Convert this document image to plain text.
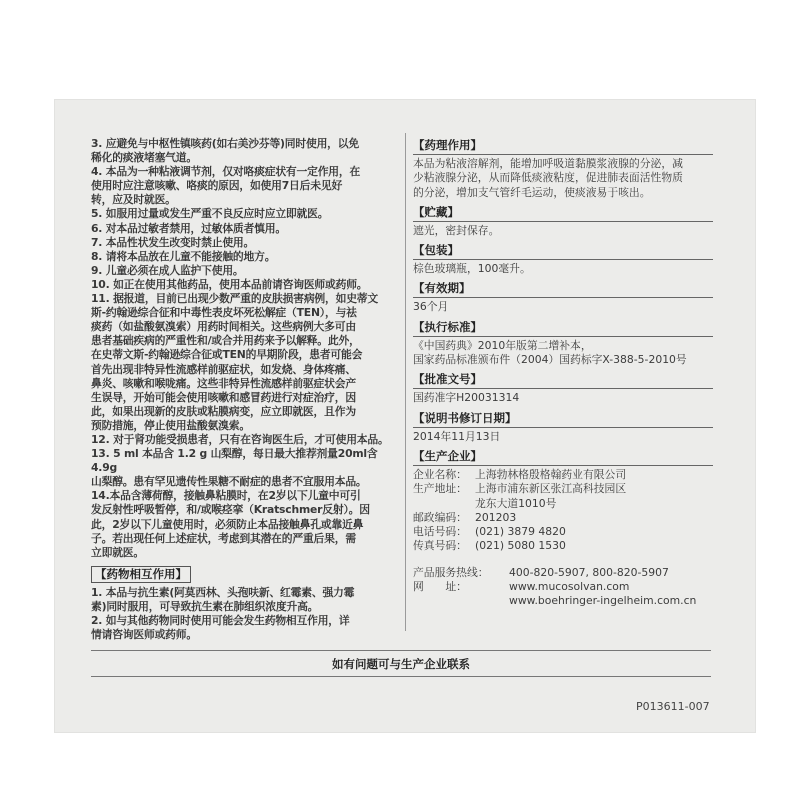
3. 应避免与中枢性镇咳药(如右美沙芬等)同时使用，以免

稀化的痰液堵塞气道。

4. 本品为一种粘液调节剂，仅对咯痰症状有一定作用，在

使用时应注意咳嗽、咯痰的原因，如使用7日后未见好

转，应及时就医。

5. 如服用过量或发生严重不良反应时应立即就医。

6. 对本品过敏者禁用，过敏体质者慎用。

7. 本品性状发生改变时禁止使用。

8. 请将本品放在儿童不能接触的地方。

9. 儿童必须在成人监护下使用。

10. 如正在使用其他药品，使用本品前请咨询医师或药师。

11. 据报道，目前已出现少数严重的皮肤损害病例，如史蒂文

斯-约翰逊综合征和中毒性表皮坏死松解症（TEN），与祛

痰药（如盐酸氨溴索）用药时间相关。这些病例大多可由

患者基础疾病的严重性和/或合并用药来予以解释。此外，

在史蒂文斯-约翰逊综合征或TEN的早期阶段，患者可能会

首先出现非特异性流感样前驱症状，如发烧、身体疼痛、

鼻炎、咳嗽和喉咙痛。这些非特异性流感样前驱症状会产

生误导，开始可能会使用咳嗽和感冒药进行对症治疗，因

此，如果出现新的皮肤或粘膜病变，应立即就医，且作为

预防措施，停止使用盐酸氨溴索。

12. 对于肾功能受损患者，只有在咨询医生后，才可使用本品。

13. 5 ml 本品含 1.2 g 山梨醇，每日最大推荐剂量20ml含4.9g

山梨醇。患有罕见遗传性果糖不耐症的患者不宜服用本品。

14.本品含薄荷醇，接触鼻粘膜时，在2岁以下儿童中可引

发反射性呼吸暂停，和/或喉痉挛（Kratschmer反射）。因

此，2岁以下儿童使用时，必须防止本品接触鼻孔或靠近鼻

子。若出现任何上述症状，考虑到其潜在的严重后果，需

立即就医。

【药物相互作用】

1. 本品与抗生素(阿莫西林、头孢呋新、红霉素、强力霉

素)同时服用，可导致抗生素在肺组织浓度升高。

2. 如与其他药物同时使用可能会发生药物相互作用，详

情请咨询医师或药师。

【药理作用】
本品为粘液溶解剂，能增加呼吸道黏膜浆液腺的分泌，减
少粘液腺分泌，从而降低痰液粘度，促进肺表面活性物质
的分泌，增加支气管纤毛运动，使痰液易于咳出。
【贮藏】
遮光，密封保存。
【包装】
棕色玻璃瓶，100毫升。
【有效期】
36个月
【执行标准】
《中国药典》2010年版第二增补本，
国家药品标准颁布件（2004）国药标字X-388-5-2010号
【批准文号】
国药准字H20031314
【说明书修订日期】
2014年11月13日
【生产企业】
企业名称： 上海勃林格殷格翰药业有限公司
生产地址： 上海市浦东新区张江高科技园区
龙东大道1010号
邮政编码： 201203
电话号码： (021) 3879 4820
传真号码： (021) 5080 1530
产品服务热线：	400-820-5907, 800-820-5907
网　　址：	www.mucosolvan.com
www.boehringer-ingelheim.com.cn
如有问题可与生产企业联系
P013611-007
